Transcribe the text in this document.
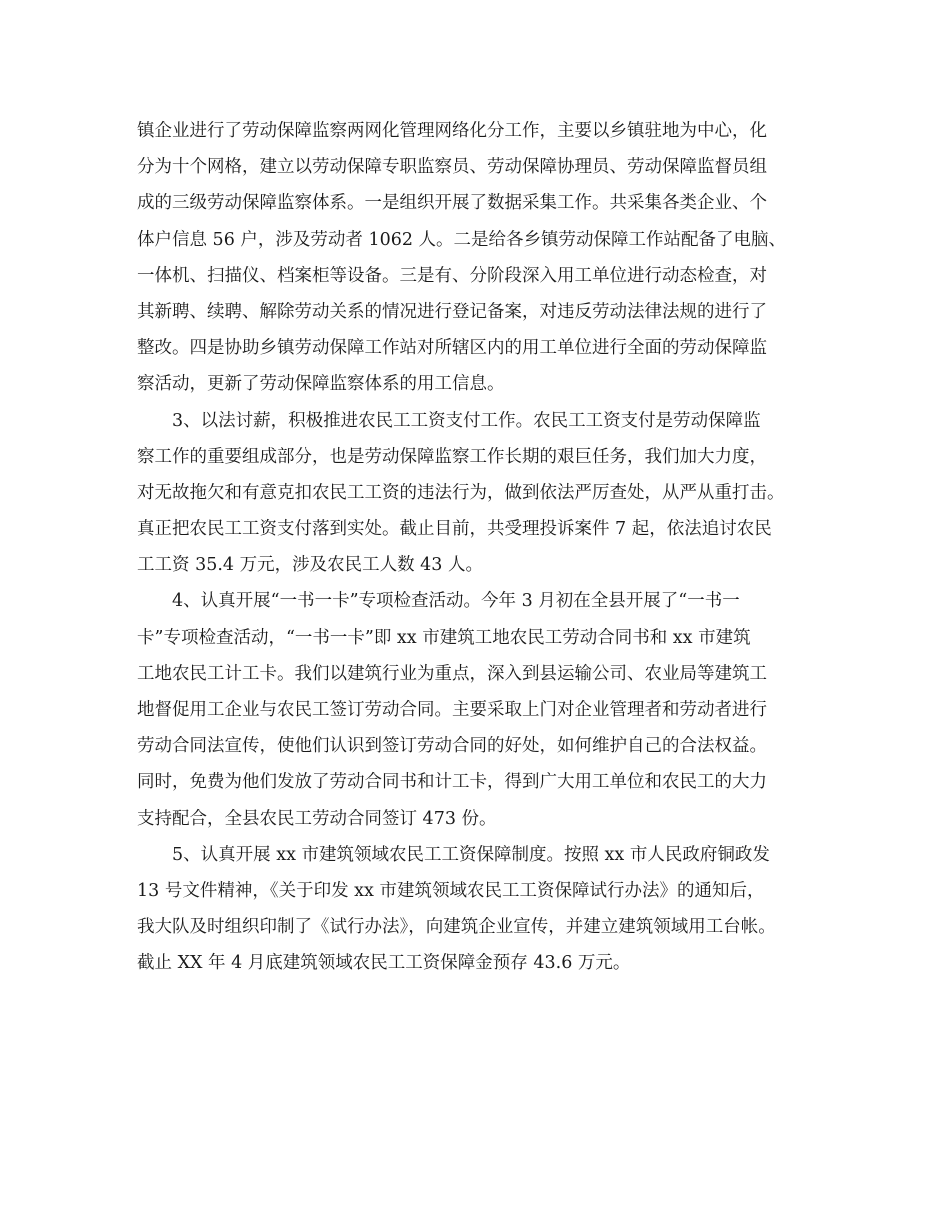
镇企业进行了劳动保障监察两网化管理网络化分工作，主要以乡镇驻地为中心，化
分为十个网格，建立以劳动保障专职监察员、劳动保障协理员、劳动保障监督员组
成的三级劳动保障监察体系。一是组织开展了数据采集工作。共采集各类企业、个
体户信息 56 户，涉及劳动者 1062 人。二是给各乡镇劳动保障工作站配备了电脑、
一体机、扫描仪、档案柜等设备。三是有、分阶段深入用工单位进行动态检查，对
其新聘、续聘、解除劳动关系的情况进行登记备案，对违反劳动法律法规的进行了
整改。四是协助乡镇劳动保障工作站对所辖区内的用工单位进行全面的劳动保障监
察活动，更新了劳动保障监察体系的用工信息。
3、以法讨薪，积极推进农民工工资支付工作。农民工工资支付是劳动保障监
察工作的重要组成部分，也是劳动保障监察工作长期的艰巨任务，我们加大力度，
对无故拖欠和有意克扣农民工工资的违法行为，做到依法严厉查处，从严从重打击。
真正把农民工工资支付落到实处。截止目前，共受理投诉案件 7 起，依法追讨农民
工工资 35.4 万元，涉及农民工人数 43 人。
4、认真开展“一书一卡”专项检查活动。今年 3 月初在全县开展了“一书一
卡”专项检查活动，“一书一卡”即 xx 市建筑工地农民工劳动合同书和 xx 市建筑
工地农民工计工卡。我们以建筑行业为重点，深入到县运输公司、农业局等建筑工
地督促用工企业与农民工签订劳动合同。主要采取上门对企业管理者和劳动者进行
劳动合同法宣传，使他们认识到签订劳动合同的好处，如何维护自己的合法权益。
同时，免费为他们发放了劳动合同书和计工卡，得到广大用工单位和农民工的大力
支持配合，全县农民工劳动合同签订 473 份。
5、认真开展 xx 市建筑领域农民工工资保障制度。按照 xx 市人民政府铜政发
13 号文件精神，《关于印发 xx 市建筑领域农民工工资保障试行办法》的通知后，
我大队及时组织印制了《试行办法》，向建筑企业宣传，并建立建筑领域用工台帐。
截止 XX 年 4 月底建筑领域农民工工资保障金预存 43.6 万元。
